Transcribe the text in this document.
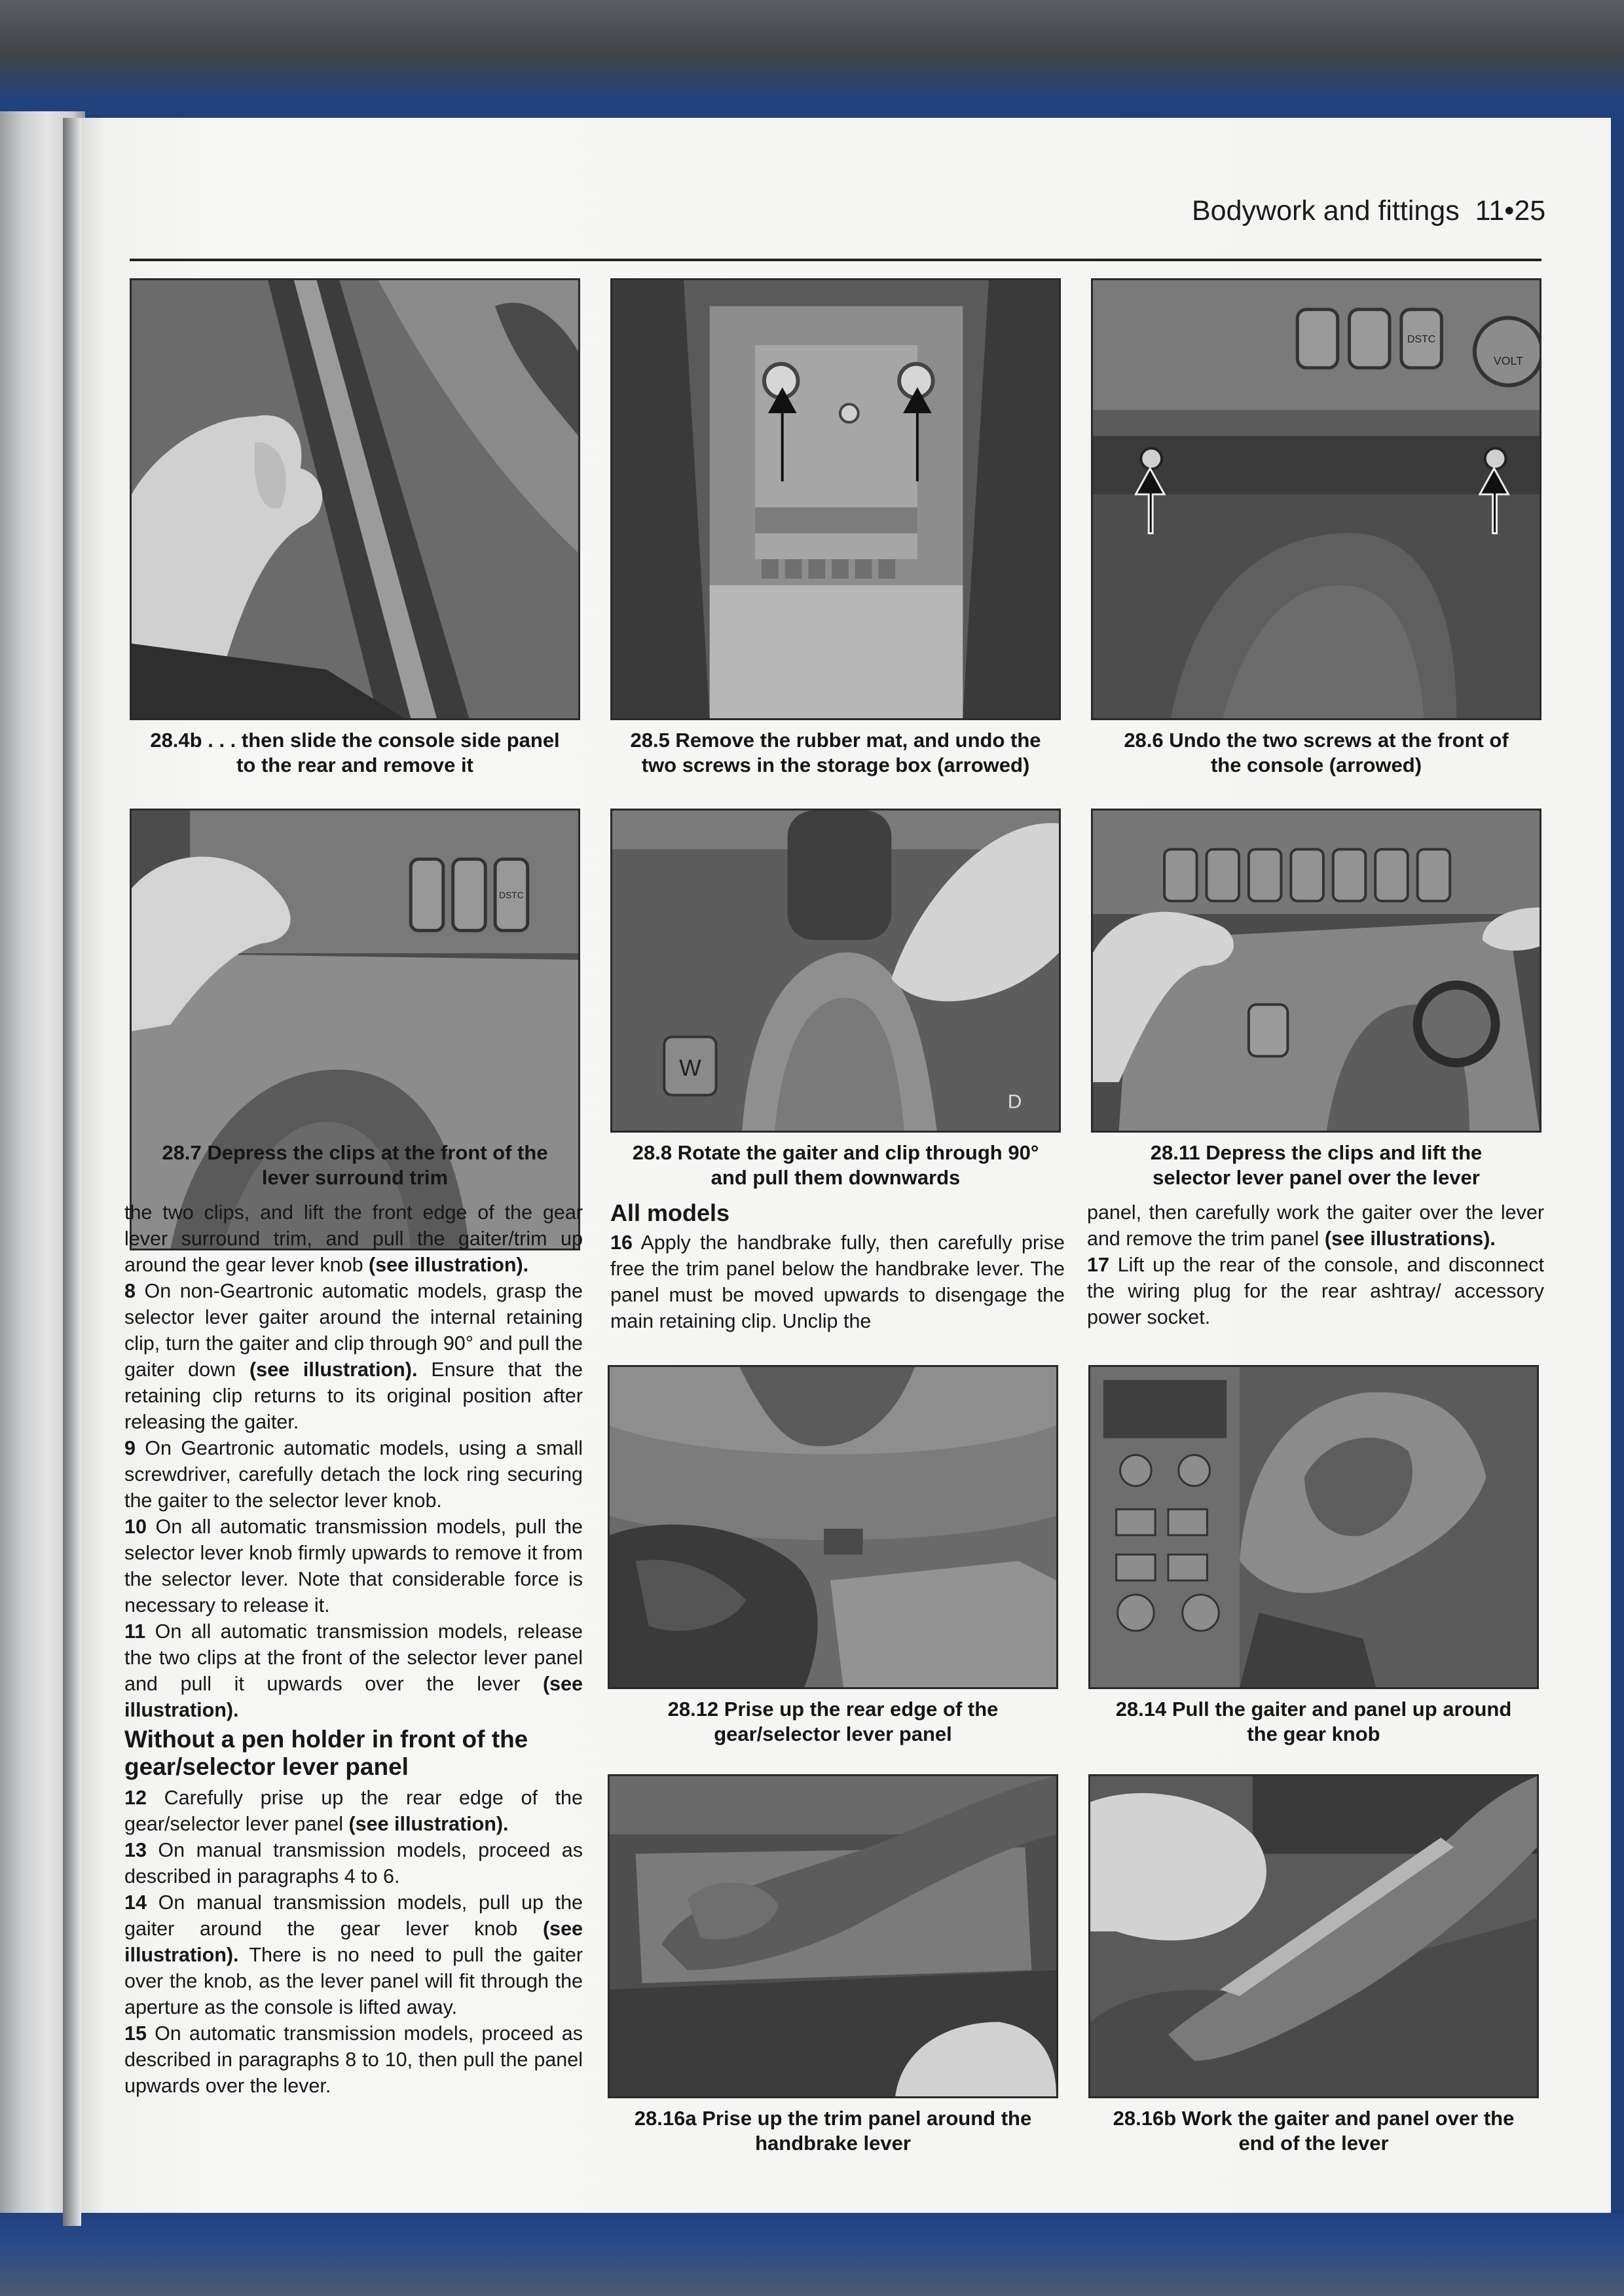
Bodywork and fittings 11•25
28.4b . . . then slide the console side panel
to the rear and remove it
28.5 Remove the rubber mat, and undo the
two screws in the storage box (arrowed)
DSTC
VOLT
28.6 Undo the two screws at the front of
the console (arrowed)
DSTC
28.7 Depress the clips at the front of the
lever surround trim
W
D
28.8 Rotate the gaiter and clip through 90°
and pull them downwards
28.11 Depress the clips and lift the
selector lever panel over the lever

the two clips, and lift the front edge of the gear lever surround trim, and pull the gaiter/trim up around the gear lever knob (see illustration).

8 On non-Geartronic automatic models, grasp the selector lever gaiter around the internal retaining clip, turn the gaiter and clip through 90° and pull the gaiter down (see illustration). Ensure that the retaining clip returns to its original position after releasing the gaiter.

9 On Geartronic automatic models, using a small screwdriver, carefully detach the lock ring securing the gaiter to the selector lever knob.

10 On all automatic transmission models, pull the selector lever knob firmly upwards to remove it from the selector lever. Note that considerable force is necessary to release it.

11 On all automatic transmission models, release the two clips at the front of the selector lever panel and pull it upwards over the lever (see illustration).

Without a pen holder in front of the gear/selector lever panel

12 Carefully prise up the rear edge of the gear/selector lever panel (see illustration).

13 On manual transmission models, proceed as described in paragraphs 4 to 6.

14 On manual transmission models, pull up the gaiter around the gear lever knob (see illustration). There is no need to pull the gaiter over the knob, as the lever panel will fit through the aperture as the console is lifted away.

15 On automatic transmission models, proceed as described in paragraphs 8 to 10, then pull the panel upwards over the lever.

All models

16 Apply the handbrake fully, then carefully prise free the trim panel below the handbrake lever. The panel must be moved upwards to disengage the main retaining clip. Unclip the

panel, then carefully work the gaiter over the lever and remove the trim panel (see illustrations).

17 Lift up the rear of the console, and disconnect the wiring plug for the rear ashtray/ accessory power socket.

28.12 Prise up the rear edge of the
gear/selector lever panel
28.14 Pull the gaiter and panel up around
the gear knob
28.16a Prise up the trim panel around the
handbrake lever
28.16b Work the gaiter and panel over the
end of the lever
